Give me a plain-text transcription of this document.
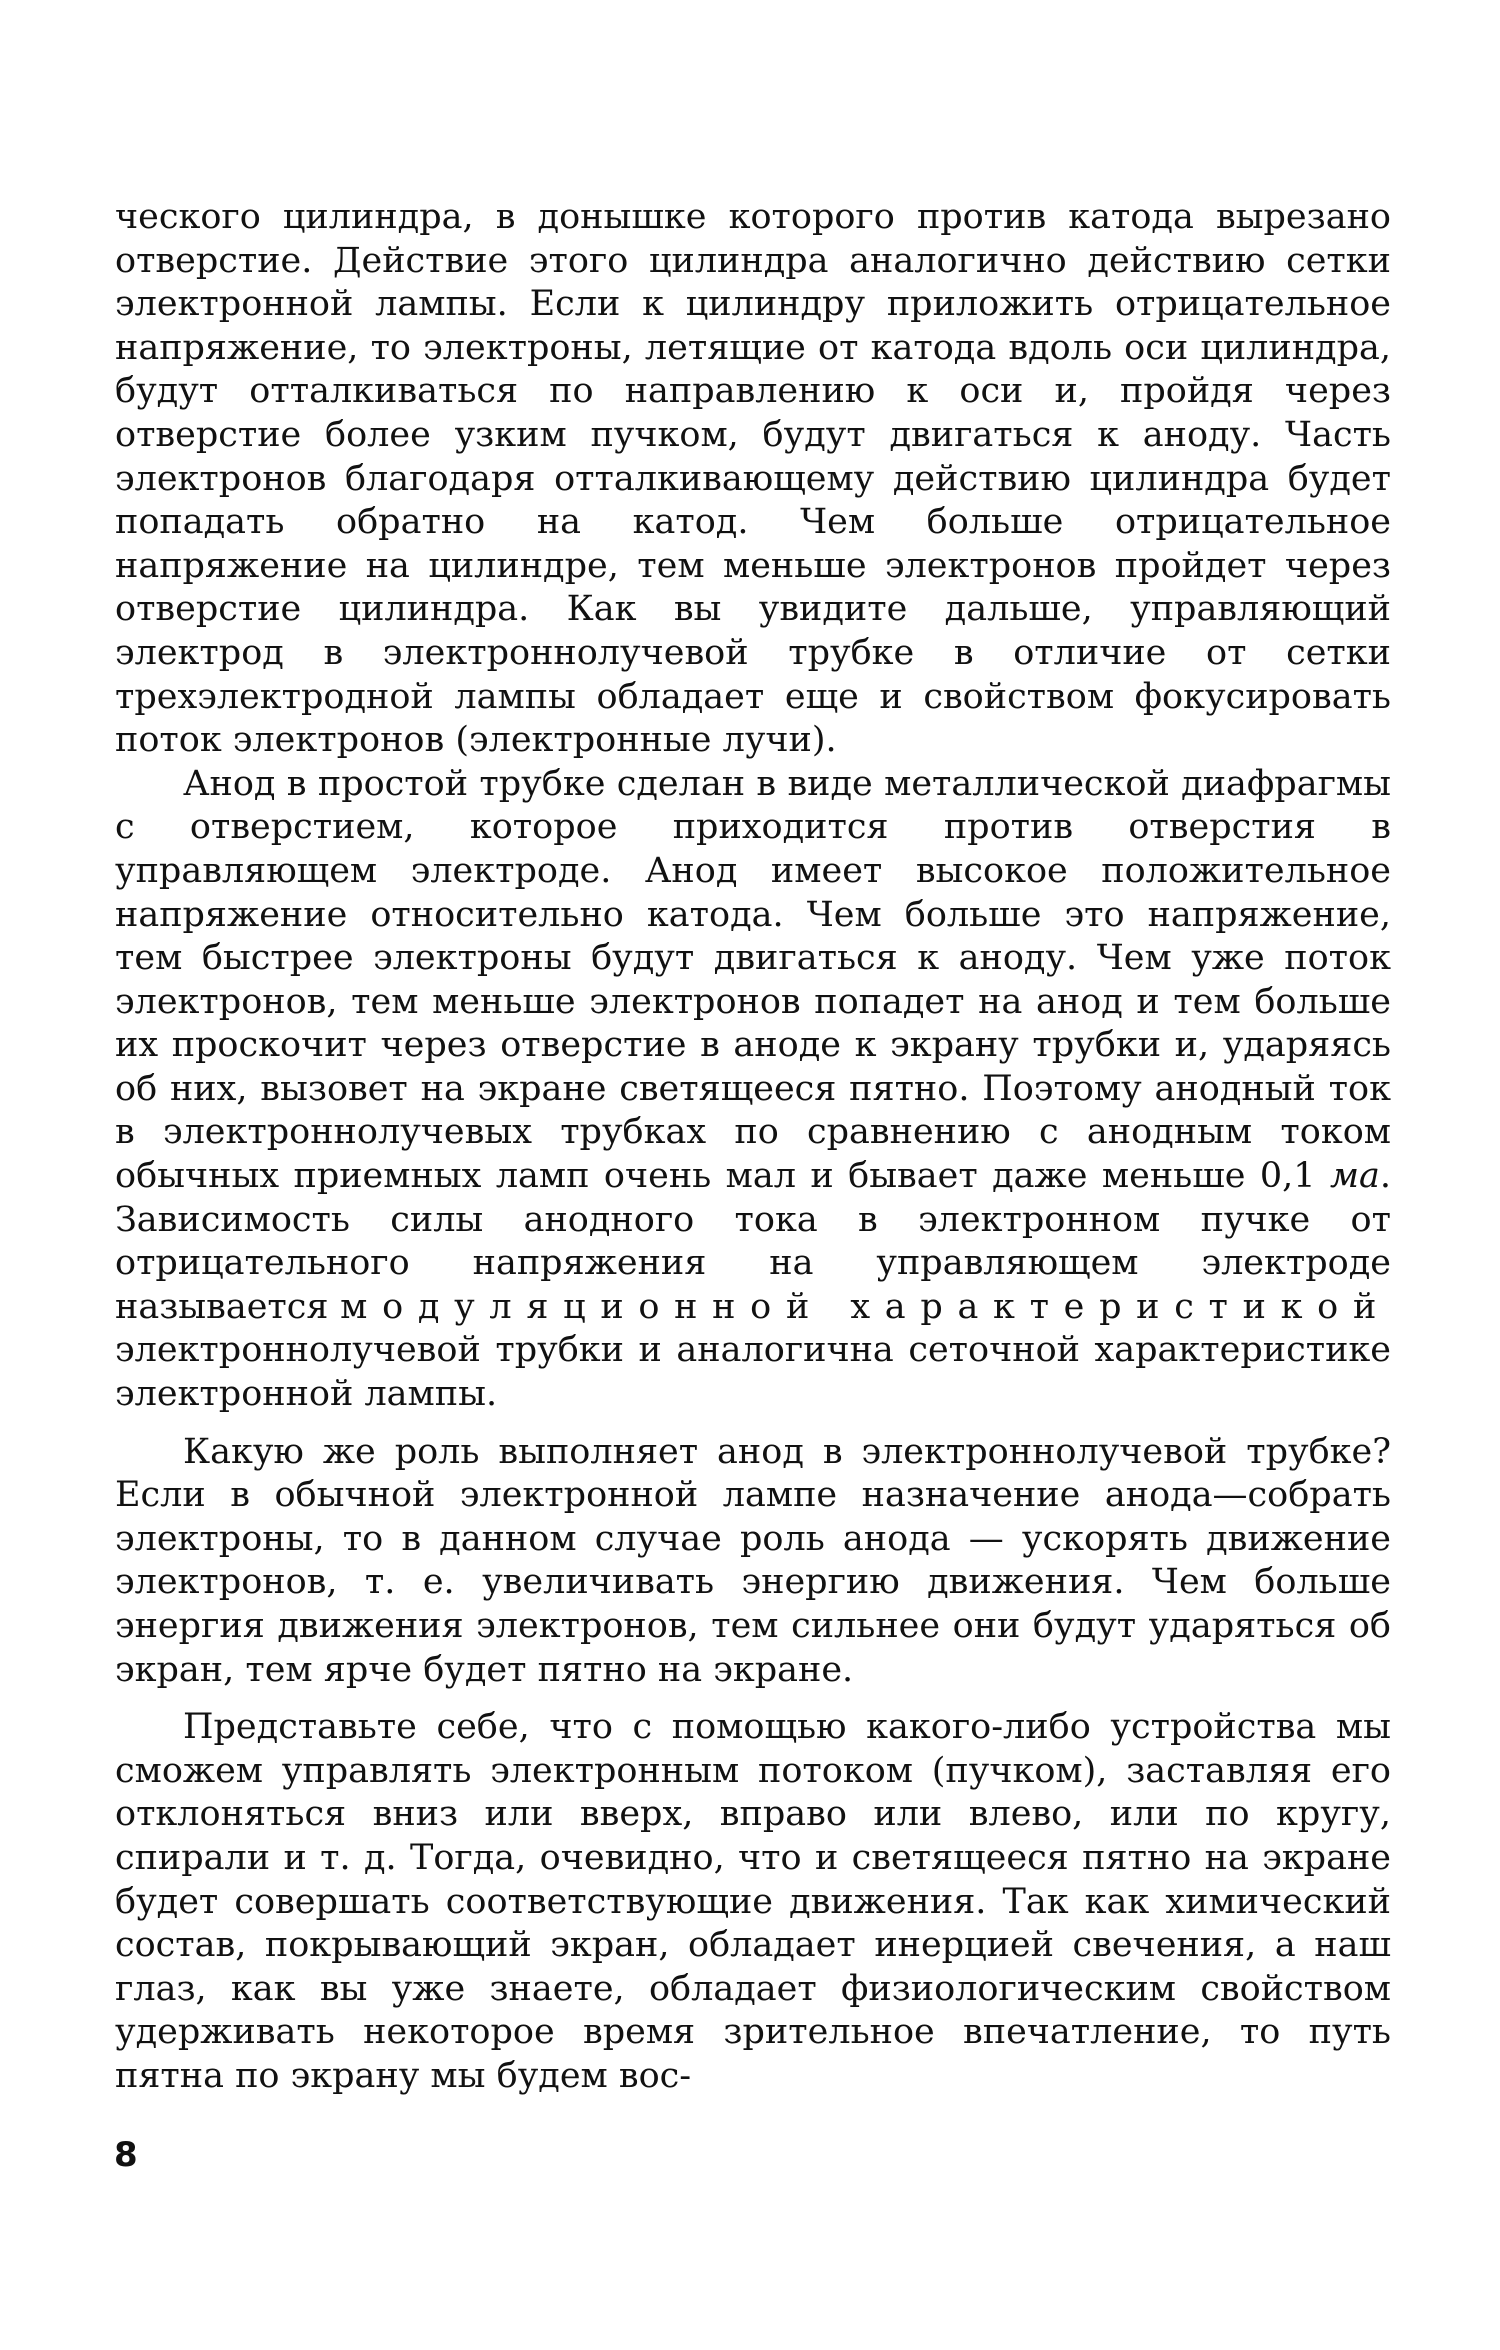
ческого цилиндра, в донышке которого против катода вырезано отверстие. Действие этого цилиндра аналогично действию сетки электронной лампы. Если к цилиндру приложить отрицательное напряжение, то электроны, летящие от катода вдоль оси цилиндра, будут отталкиваться по направлению к оси и, пройдя через отверстие более узким пучком, будут двигаться к аноду. Часть электронов благодаря отталкивающему действию цилиндра будет попадать обратно на катод. Чем больше отрицательное напряжение на цилиндре, тем меньше электронов пройдет через отверстие цилиндра. Как вы увидите дальше, управляющий электрод в электроннолучевой трубке в отличие от сетки трехэлектродной лампы обладает еще и свойством фокусировать поток электронов (электронные лучи).

Анод в простой трубке сделан в виде металлической диафрагмы с отверстием, которое приходится против отверстия в управляющем электроде. Анод имеет высокое положительное напряжение относительно катода. Чем больше это напряжение, тем быстрее электроны будут двигаться к аноду. Чем уже поток электронов, тем меньше электронов попадет на анод и тем больше их проскочит через отверстие в аноде к экрану трубки и, ударяясь об них, вызовет на экране светящееся пятно. Поэтому анодный ток в электроннолучевых трубках по сравнению с анодным током обычных приемных ламп очень мал и бывает даже меньше 0,1 ма. Зависимость силы анодного тока в электронном пучке от отрицательного напряжения на управляющем электроде называется модуляционной характеристикой электроннолучевой трубки и аналогична сеточной характеристике электронной лампы.

Какую же роль выполняет анод в электроннолучевой трубке? Если в обычной электронной лампе назначение анода—собрать электроны, то в данном случае роль анода — ускорять движение электронов, т. е. увеличивать энергию движения. Чем больше энергия движения электронов, тем сильнее они будут ударяться об экран, тем ярче будет пятно на экране.

Представьте себе, что с помощью какого-либо устройства мы сможем управлять электронным потоком (пучком), заставляя его отклоняться вниз или вверх, вправо или влево, или по кругу, спирали и т. д. Тогда, очевидно, что и светящееся пятно на экране будет совершать соответствующие движения. Так как химический состав, покрывающий экран, обладает инерцией свечения, а наш глаз, как вы уже знаете, обладает физиологическим свойством удерживать некоторое время зрительное впечатление, то путь пятна по экрану мы будем вос-

8
